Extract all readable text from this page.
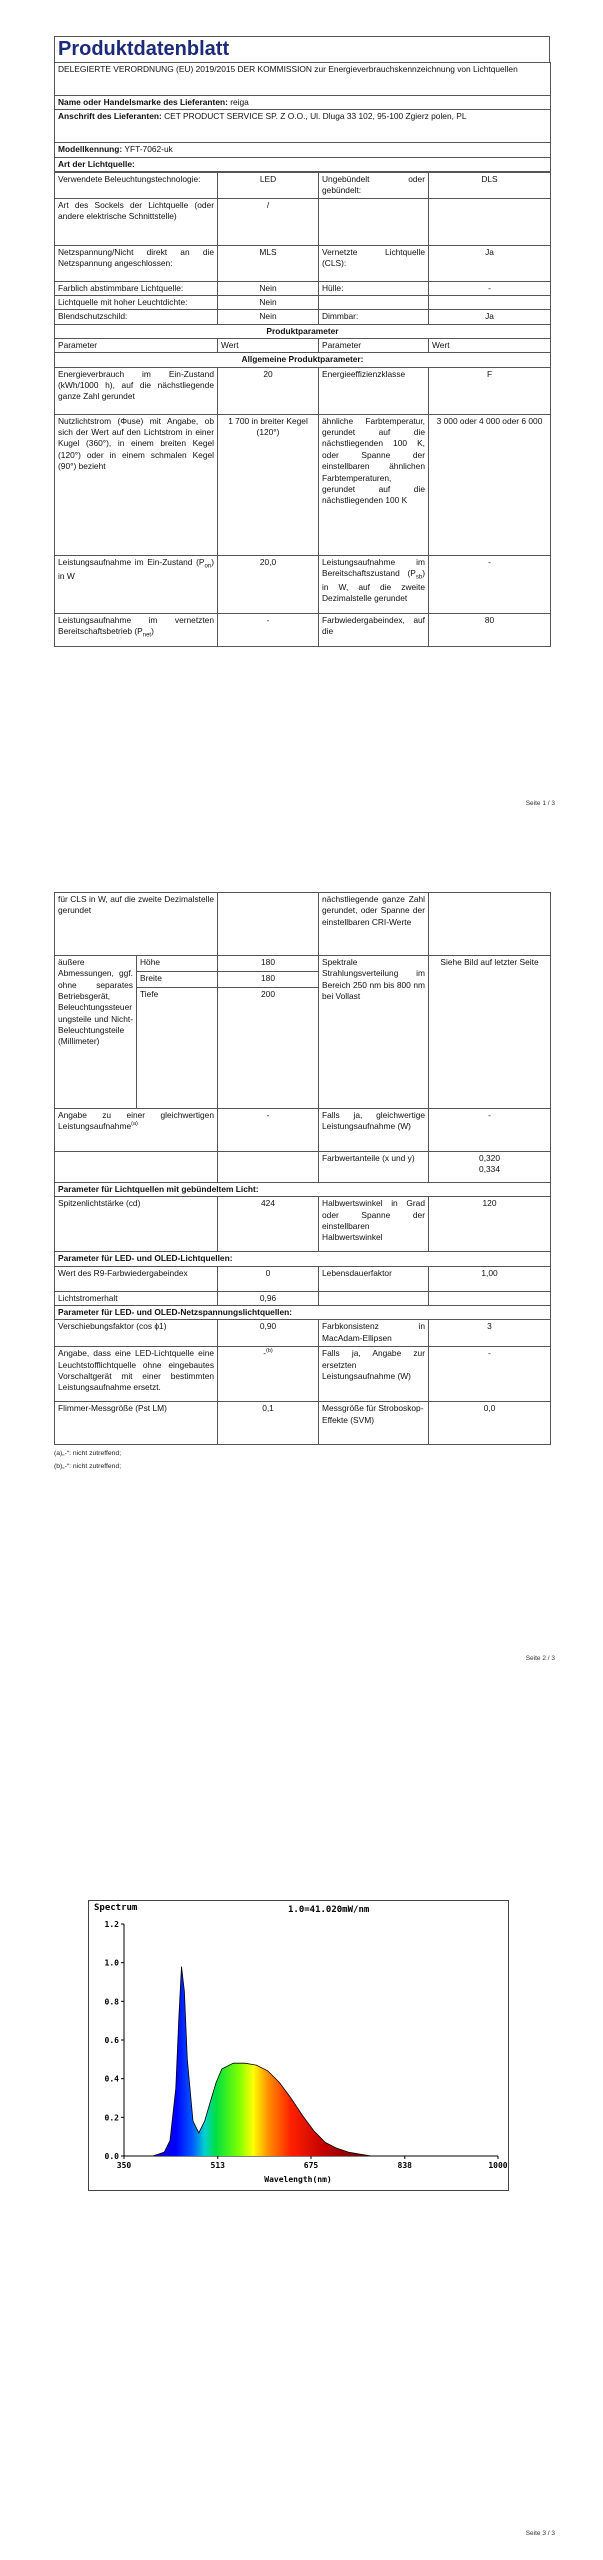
Produktdatenblatt
DELEGIERTE VERORDNUNG (EU) 2019/2015 DER KOMMISSION zur Energieverbrauchskennzeichnung von Lichtquellen
Name oder Handelsmarke des Lieferanten: reiga
Anschrift des Lieferanten: CET PRODUCT SERVICE SP. Z O.O., Ul. Dluga 33 102, 95-100 Zgierz polen, PL
Modellkennung: YFT-7062-uk
Art der Lichtquelle:
Verwendete Beleuchtungstechnologie:	LED	Ungebündelt oder gebündelt:	DLS
Art des Sockels der Lichtquelle (oder andere elektrische Schnittstelle)	/		
Netzspannung/Nicht direkt an die Netzspannung angeschlossen:	MLS	Vernetzte Lichtquelle (CLS):	Ja
Farblich abstimmbare Lichtquelle:	Nein	Hülle:	-
Lichtquelle mit hoher Leuchtdichte:	Nein		
Blendschutzschild:	Nein	Dimmbar:	Ja
Produktparameter			
Parameter	Wert	Parameter	Wert
Allgemeine Produktparameter:			
Energieverbrauch im Ein-Zustand (kWh/1000 h), auf die nächstliegende ganze Zahl gerundet	20	Energieeffizienzklasse	F
Nutzlichtstrom (Φuse) mit Angabe, ob sich der Wert auf den Lichtstrom in einer Kugel (360°), in einem breiten Kegel (120°) oder in einem schmalen Kegel (90°) bezieht	1 700 in breiter Kegel (120°)	ähnliche Farbtemperatur, gerundet auf die nächstliegenden 100 K, oder Spanne der einstellbaren ähnlichen Farbtemperaturen, gerundet auf die nächstliegenden 100 K	3 000 oder 4 000 oder 6 000
Leistungsaufnahme im Ein-Zustand $(P_{on})$ in W	20,0	Leistungsaufnahme im Bereitschaftszustand $(P_{sb})$ in W, auf die zweite Dezimalstelle gerundet	-
Leistungsaufnahme im vernetzten Bereitschaftsbetrieb $(P_{net})$	-	Farbwiedergabeindex, auf die	80
Seite 1 / 3
für CLS in W, auf die zweite Dezimalstelle gerundet			nächstliegende ganze Zahl gerundet, oder Spanne der einstellbaren CRI-Werte	
äußere Abmessungen, ggf. ohne separates Betriebsgerät, Beleuchtungssteuerungsteile und Nicht-Beleuchtungsteile (Millimeter)	Höhe	180	Spektrale Strahlungsverteilung im Bereich 250 nm bis 800 nm bei Vollast	Siehe Bild auf letzter Seite
	Breite	180		
	Tiefe	200		
Angabe zu einer gleichwertigen Leistungsaufnahme$^{(a)}$		-	Falls ja, gleichwertige Leistungsaufnahme (W)	-
			Farbwertanteile (x und y)	0,320
0,334

Parameter für Lichtquellen mit gebündeltem Licht:				
Spitzenlichtstärke (cd)		424	Halbwertswinkel in Grad oder Spanne der einstellbaren Halbwertswinkel	120
Parameter für LED- und OLED-Lichtquellen:				
Wert des R9-Farbwiedergabeindex		0	Lebensdauerfaktor	1,00
Lichtstromerhalt		0,96		
Parameter für LED- und OLED-Netzspannungslichtquellen:				
Verschiebungsfaktor (cos ϕ1)		0,90	Farbkonsistenz in MacAdam-Ellipsen	3
Angabe, dass eine LED-Lichtquelle eine Leuchtstofflichtquelle ohne eingebautes Vorschaltgerät mit einer bestimmten Leistungsaufnahme ersetzt.		-$^{(b)}$	Falls ja, Angabe zur ersetzten Leistungsaufnahme (W)	-
Flimmer-Messgröße (Pst LM)		0,1	Messgröße für Stroboskop-Effekte (SVM)	0,0
(a)„-“: nicht zutreffend;
(b)„-“: nicht zutreffend;
Seite 2 / 3
Seite 3 / 3
Spectrum	1.0=41.020mW/nm
Wavelength(nm)
0.0
0.2
0.4
0.6
0.8
1.0
1.2
350	513	675	838	1000
